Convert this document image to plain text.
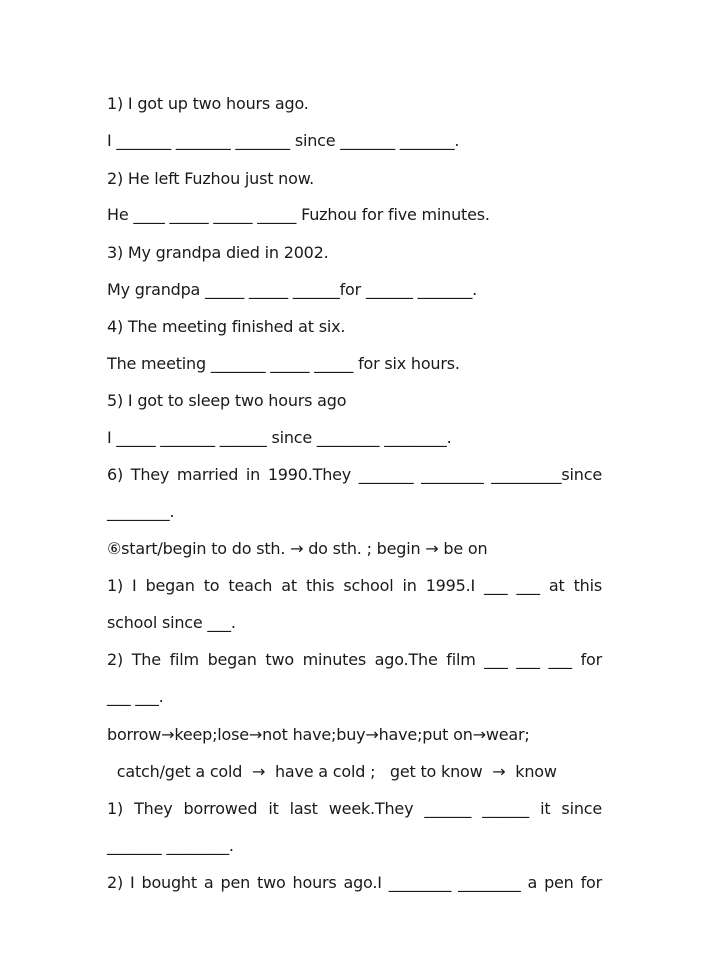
1) I got up two hours ago.
I _______ _______ _______ since _______ _______.
2) He left Fuzhou just now.
He ____ _____ _____ _____ Fuzhou for five minutes.
3) My grandpa died in 2002.
My grandpa _____ _____ ______for ______ _______.
4) The meeting finished at six.
The meeting _______ _____ _____ for six hours.
5) I got to sleep two hours ago
I _____ _______ ______ since ________ ________.
6) They married in 1990.They _______ ________ _________since
________.
⑥start/begin to do sth. → do sth. ; begin → be on
1) I began to teach at this school in 1995.I ___ ___ at this
school since ___.
2) The film began two minutes ago.The film ___ ___ ___ for
___ ___.
borrow→keep;lose→not have;buy→have;put on→wear;
catch/get a cold  →  have a cold ;   get to know  →  know
1) They borrowed it last week.They ______ ______ it since
_______ ________.
2) I bought a pen two hours ago.I ________ ________ a pen for
